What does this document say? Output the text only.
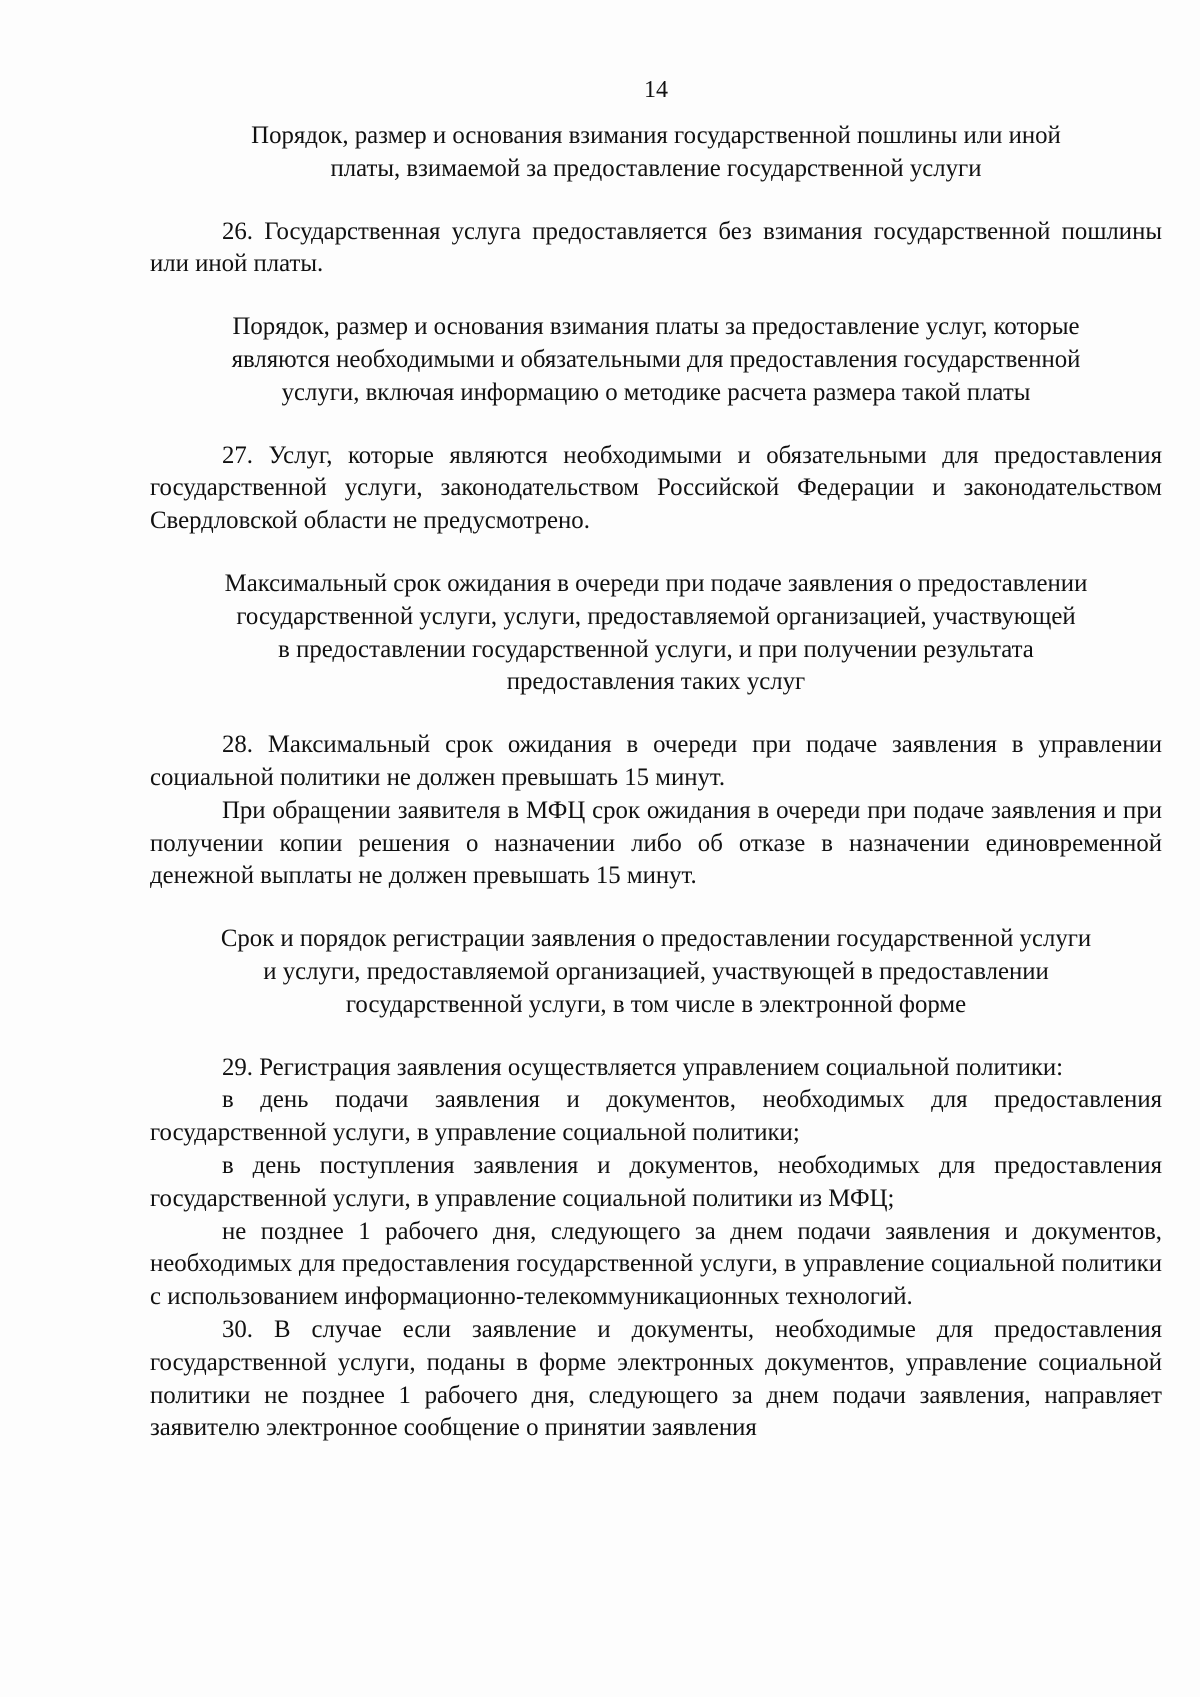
14
Порядок, размер и основания взимания государственной пошлины или иной
платы, взимаемой за предоставление государственной услуги

26. Государственная услуга предоставляется без взимания государственной пошлины или иной платы.

Порядок, размер и основания взимания платы за предоставление услуг, которые
являются необходимыми и обязательными для предоставления государственной
услуги, включая информацию о методике расчета размера такой платы

27. Услуг, которые являются необходимыми и обязательными для предоставления государственной услуги, законодательством Российской Федерации и законодательством Свердловской области не предусмотрено.

Максимальный срок ожидания в очереди при подаче заявления о предоставлении
государственной услуги, услуги, предоставляемой организацией, участвующей
в предоставлении государственной услуги, и при получении результата
предоставления таких услуг

28. Максимальный срок ожидания в очереди при подаче заявления в управлении социальной политики не должен превышать 15 минут.

При обращении заявителя в МФЦ срок ожидания в очереди при подаче заявления и при получении копии решения о назначении либо об отказе в назначении единовременной денежной выплаты не должен превышать 15 минут.

Срок и порядок регистрации заявления о предоставлении государственной услуги
и услуги, предоставляемой организацией, участвующей в предоставлении
государственной услуги, в том числе в электронной форме

29. Регистрация заявления осуществляется управлением социальной политики:

в день подачи заявления и документов, необходимых для предоставления государственной услуги, в управление социальной политики;

в день поступления заявления и документов, необходимых для предоставления государственной услуги, в управление социальной политики из МФЦ;

не позднее 1 рабочего дня, следующего за днем подачи заявления и документов, необходимых для предоставления государственной услуги, в управление социальной политики с использованием информационно-телекоммуникационных технологий.

30. В случае если заявление и документы, необходимые для предоставления государственной услуги, поданы в форме электронных документов, управление социальной политики не позднее 1 рабочего дня, следующего за днем подачи заявления, направляет заявителю электронное сообщение о принятии заявления
